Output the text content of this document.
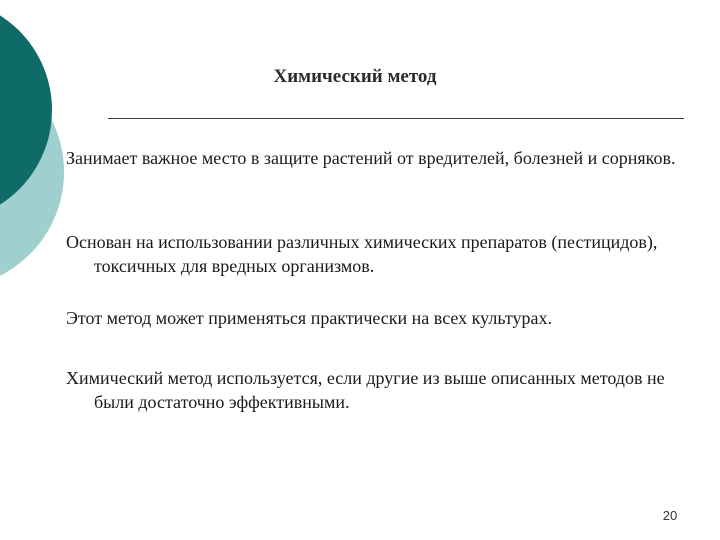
Химический метод

Занимает важное место в защите растений от вредителей, болезней и сорняков.

Основан на использовании различных химических препаратов (пестицидов), токсичных для вредных организмов.

Этот метод может применяться практически на всех культурах.

Химический метод используется, если другие из выше описанных методов не были достаточно эффективными.

20
